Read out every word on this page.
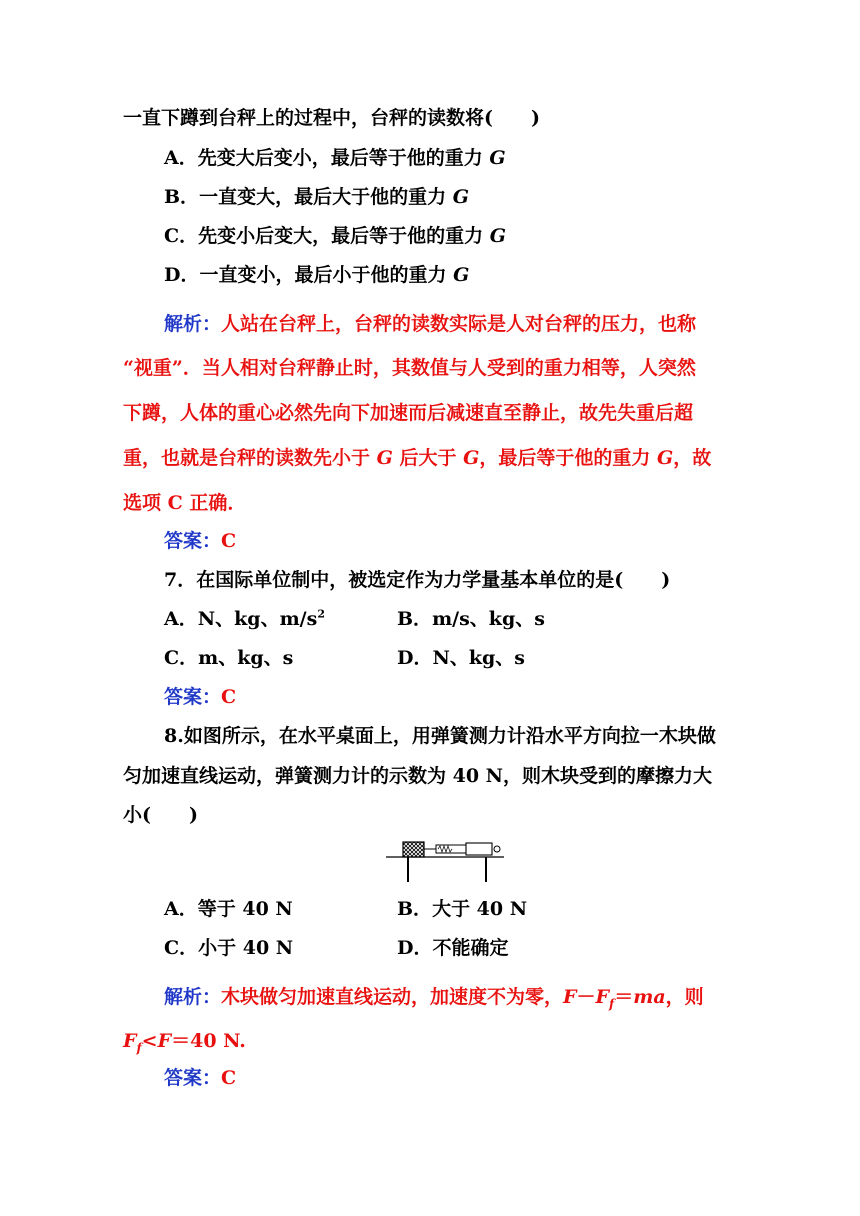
一直下蹲到台秤上的过程中，台秤的读数将(　　)
A．先变大后变小，最后等于他的重力 G
B．一直变大，最后大于他的重力 G
C．先变小后变大，最后等于他的重力 G
D．一直变小，最后小于他的重力 G
解析：人站在台秤上，台秤的读数实际是人对台秤的压力，也称
“视重”．当人相对台秤静止时，其数值与人受到的重力相等，人突然
下蹲，人体的重心必然先向下加速而后减速直至静止，故先失重后超
重，也就是台秤的读数先小于 G 后大于 G，最后等于他的重力 G，故
选项 C 正确．
答案：C
7．在国际单位制中，被选定作为力学量基本单位的是(　　)
A．N、kg、$m/s^2$	B．m/s、kg、s
C．m、kg、s	D．N、kg、s
答案：C
8.如图所示，在水平桌面上，用弹簧测力计沿水平方向拉一木块做
匀加速直线运动，弹簧测力计的示数为 40 N，则木块受到的摩擦力大
小(　　)
A．等于 40 N	B．大于 40 N
C．小于 40 N	D．不能确定
解析：木块做匀加速直线运动，加速度不为零，$F-F_f=ma$，则
$F_f<F=40$ N.
答案：C
